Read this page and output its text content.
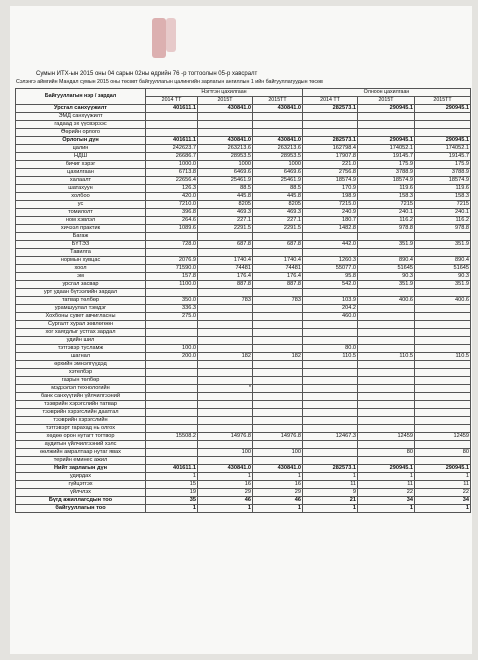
Сумын ИТХ-ын 2015 оны 04 сарын 02ны өдрийн 76 -р тогтоолын 05-р хавсралт
Сэлэнгэ аймгийн Мандал сумын 2015 оны төсөвт байгууллагын цалингийн зарлагын ангиллын 1 ийн байгууллагуудын төсөв
Байгууллагын нэр / зардал	Нэгтгэн цахилгаан			Олноон цахилгаан		
	2014 ТТ	2015Т	2015ТТ	2014 ТТ	2015Т	2015ТТ
Урсгал санхүүжилт	401611.1	430841.0	430841.0	282573.1	290945.1	290945.1
ЭМД санхүүжилт						
гадаад эх үүсвэрээс						
Өөрийн орлого						
Орлогын дүн	401611.1	430841.0	430841.0	282573.1	290945.1	290945.1
цалин	242623.7	263213.6	263213.6	162798.4	174052.1	174052.1
НДШ	26686.7	28953.5	28953.5	17907.8	19145.7	19145.7
бичиг хэрэг	1000.0	1000	1000	221.0	175.9	175.9
цахилгаан	6713.8	6469.6	6469.6	2756.8	3788.9	3788.9
халаалт	22656.4	25461.9	25461.9	18574.9	18574.9	18574.9
шатахуун	126.3	88.5	88.5	170.9	119.6	119.6
холбоо	420.0	445.8	445.8	198.9	158.3	158.3
ус	7210.0	8205	8205	7215.0	7215	7215
томилолт	396.8	469.3	469.3	240.9	240.1	240.1
ном хэвлэл	264.6	227.1	227.1	180.7	116.2	116.2
хичээл практик	1089.6	2291.5	2291.5	1482.8	978.8	978.8
Багаж						
БҮТЭЗ	728.0	687.8	687.8	442.0	351.9	351.9
Тавилга						
нормын хувцас	2076.9	1740.4	1740.4	1260.3	890.4	890.4
хоол	71590.0	74481	74481	55077.0	51645	51645
эм	157.8	176.4	176.4	95.8	90.3	90.3
урсгал засвар	1100.0	887.8	887.8	542.0	351.9	351.9
урт удаан бүтээлийн зардал						
татвар төлбөр	350.0	783	783	103.9	400.6	400.6
урамшуулал тэмдэг	336.3			204.2		
Хохбоны сувет авчигласны	275.0			460.0		
Сургалт хурал зөвлөгөөн						
хог хаягдлыг устгах зардал						
удийн шил						
тэтгэвэр тусламж	100.0			80.0		
шагнал	200.0	182	182	110.5	110.5	110.5
өрхийн эмнэлгүүдэд						
хэтелбэр						
газрын төлбөр						
мэдээлэл технологийн		*				
банк санхүүгийн үйлчилгээний						
тээврийн хэрэгслийн татвар						
тээврийн хэрэгслийн даатгал						
тээврийн хэрэгслийн						
тэтгэвэрт гарахад нь олгох						
хөдөө орон нутагт тогтвор	15508.2	14976.8	14976.8	12467.3	12459	12459
аудитын үйлчилгээний хэлс						
өөлжийн амралтаар нутаг явах		100	100		80	80
терийн еминес ажил						
Нийт зарлагын дүн	401611.1	430841.0	430841.0	282573.1	290945.1	290945.1
удирдах	1	1	1	1	1	1
гүйцэтгэх	15	16	16	11	11	11
үйлчлэх	19	29	29	9	22	22
Бүгд ажиллагсдын тоо	35	46	46	21	34	34
байгууллагын тоо	1	1	1	1	1	1
